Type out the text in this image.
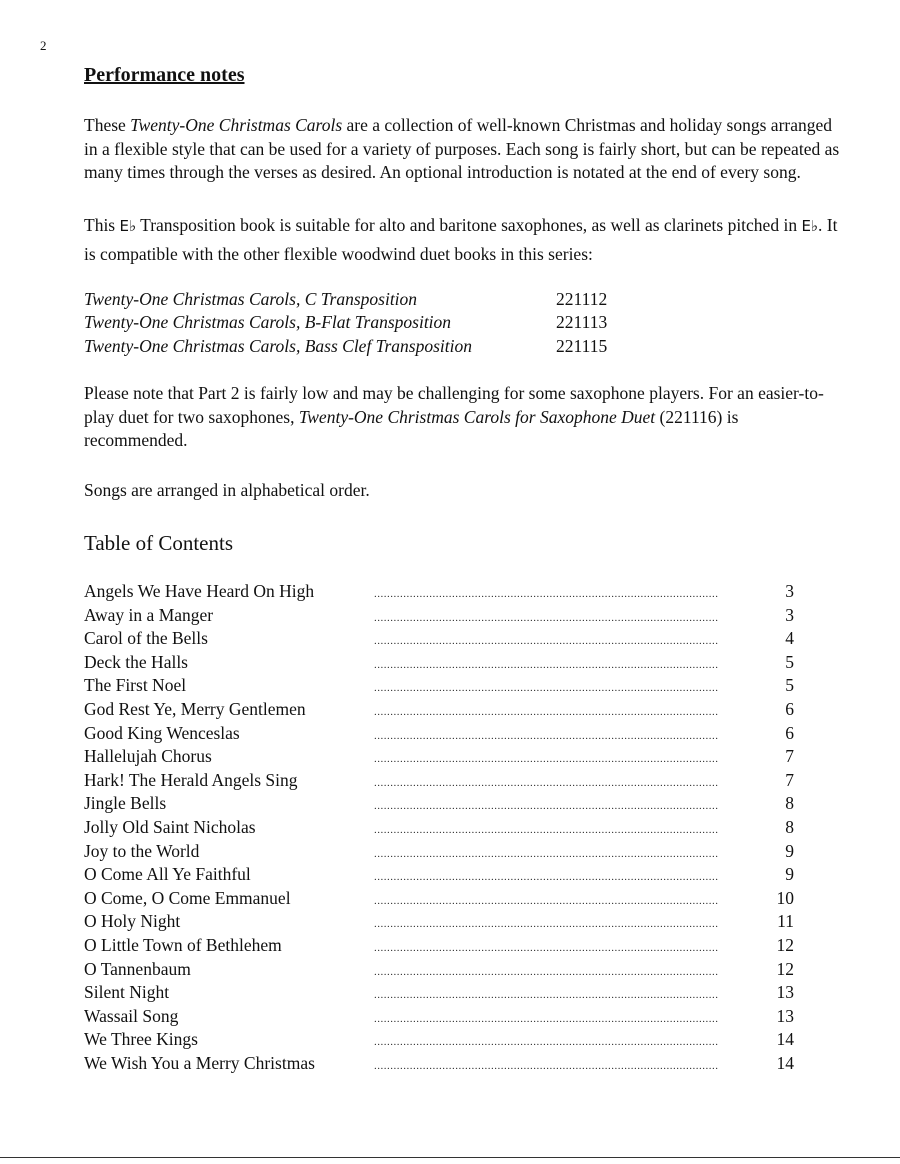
2
Performance notes

These Twenty-One Christmas Carols are a collection of well-known Christmas and holiday songs arranged in a flexible style that can be used for a variety of purposes. Each song is fairly short, but can be repeated as many times through the verses as desired. An optional introduction is notated at the end of every song.

This E♭ Transposition book is suitable for alto and baritone saxophones, as well as clarinets pitched in E♭. It is compatible with the other flexible woodwind duet books in this series:

Twenty-One Christmas Carols, C Transposition	221112
Twenty-One Christmas Carols, B-Flat Transposition	221113
Twenty-One Christmas Carols, Bass Clef Transposition	221115

Please note that Part 2 is fairly low and may be challenging for some saxophone players. For an easier-to-play duet for two saxophones, Twenty-One Christmas Carols for Saxophone Duet (221116) is recommended.

Songs are arranged in alphabetical order.

Table of Contents
Angels We Have Heard On High	..........................................................................................................	3
Away in a Manger	..........................................................................................................	3
Carol of the Bells	..........................................................................................................	4
Deck the Halls	..........................................................................................................	5
The First Noel	..........................................................................................................	5
God Rest Ye, Merry Gentlemen	..........................................................................................................	6
Good King Wenceslas	..........................................................................................................	6
Hallelujah Chorus	..........................................................................................................	7
Hark! The Herald Angels Sing	..........................................................................................................	7
Jingle Bells	..........................................................................................................	8
Jolly Old Saint Nicholas	..........................................................................................................	8
Joy to the World	..........................................................................................................	9
O Come All Ye Faithful	..........................................................................................................	9
O Come, O Come Emmanuel	..........................................................................................................	10
O Holy Night	..........................................................................................................	11
O Little Town of Bethlehem	..........................................................................................................	12
O Tannenbaum	..........................................................................................................	12
Silent Night	..........................................................................................................	13
Wassail Song	..........................................................................................................	13
We Three Kings	..........................................................................................................	14
We Wish You a Merry Christmas	..........................................................................................................	14
